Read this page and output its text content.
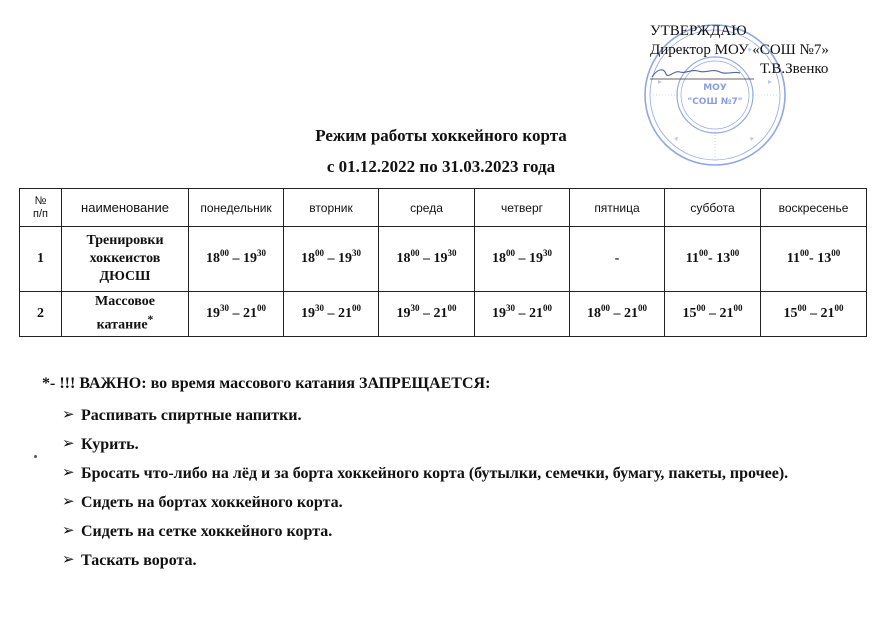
МОУ
"СОШ №7"
УТВЕРЖДАЮ
Директор МОУ «СОШ №7»
Т.В.Звенко
Режим работы хоккейного корта
с 01.12.2022 по 31.03.2023 года
№
п/п	наименование	понедельник	вторник	среда	четверг	пятница	суббота	воскресенье
1	Тренировки
хоккеистов
ДЮСШ	$18^{00} - 19^{30}$	$18^{00} - 19^{30}$	$18^{00} - 19^{30}$	$18^{00} - 19^{30}$	-	$11^{00}-$ $13^{00}$	$11^{00}-$ $13^{00}$
2	Массовое
катание*	$19^{30} - 21^{00}$	$19^{30} - 21^{00}$	$19^{30} - 21^{00}$	$19^{30} - 21^{00}$	$18^{00} - 21^{00}$	$15^{00} - 21^{00}$	$15^{00} - 21^{00}$
*- !!! ВАЖНО: во время массового катания ЗАПРЕЩАЕТСЯ:
➢ Распивать спиртные напитки.
➢ Курить.
➢ Бросать что-либо на лёд и за борта хоккейного корта (бутылки, семечки, бумагу, пакеты, прочее).
➢ Сидеть на бортах хоккейного корта.
➢ Сидеть на сетке хоккейного корта.
➢ Таскать ворота.
